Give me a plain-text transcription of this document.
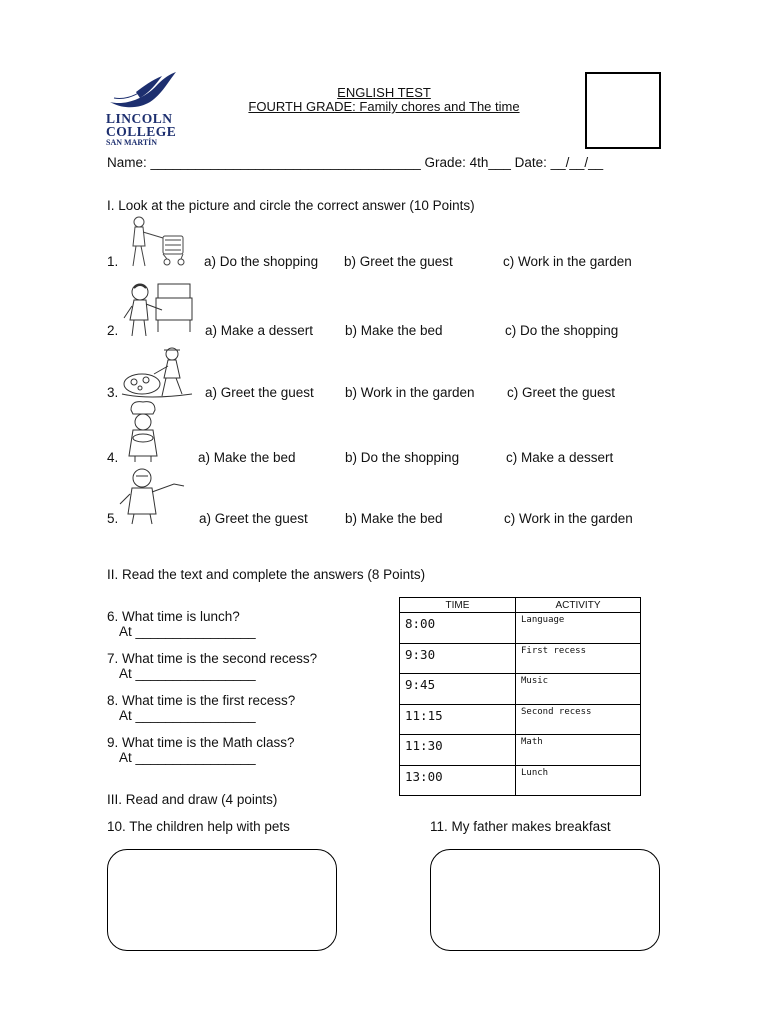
LINCOLN
COLLEGE
SAN MARTÍN
ENGLISH TEST
FOURTH GRADE: Family chores and The time
Name: ____________________________________ Grade: 4th___ Date: __/__/__
I. Look at the picture and circle the correct answer (10 Points)
1.	a) Do the shopping b) Greet the guest	c) Work in the garden
2.	a) Make a dessert b) Make the bed	c) Do the shopping
3.	a) Greet the guest b) Work in the garden c) Greet the guest
4.	a) Make the bed	b) Do the shopping	c) Make a dessert
5.	a) Greet the guest	b) Make the bed	c) Work in the garden
II. Read the text and complete the answers (8 Points)
6. What time is lunch?
At ________________
7. What time is the second recess?
At ________________
8. What time is the first recess?
At ________________
9. What time is the Math class?
At ________________
TIME	ACTIVITY
8:00	Language
9:30	First recess
9:45	Music
11:15	Second recess
11:30	Math
13:00	Lunch
III. Read and draw (4 points)
10. The children help with pets	11. My father makes breakfast
